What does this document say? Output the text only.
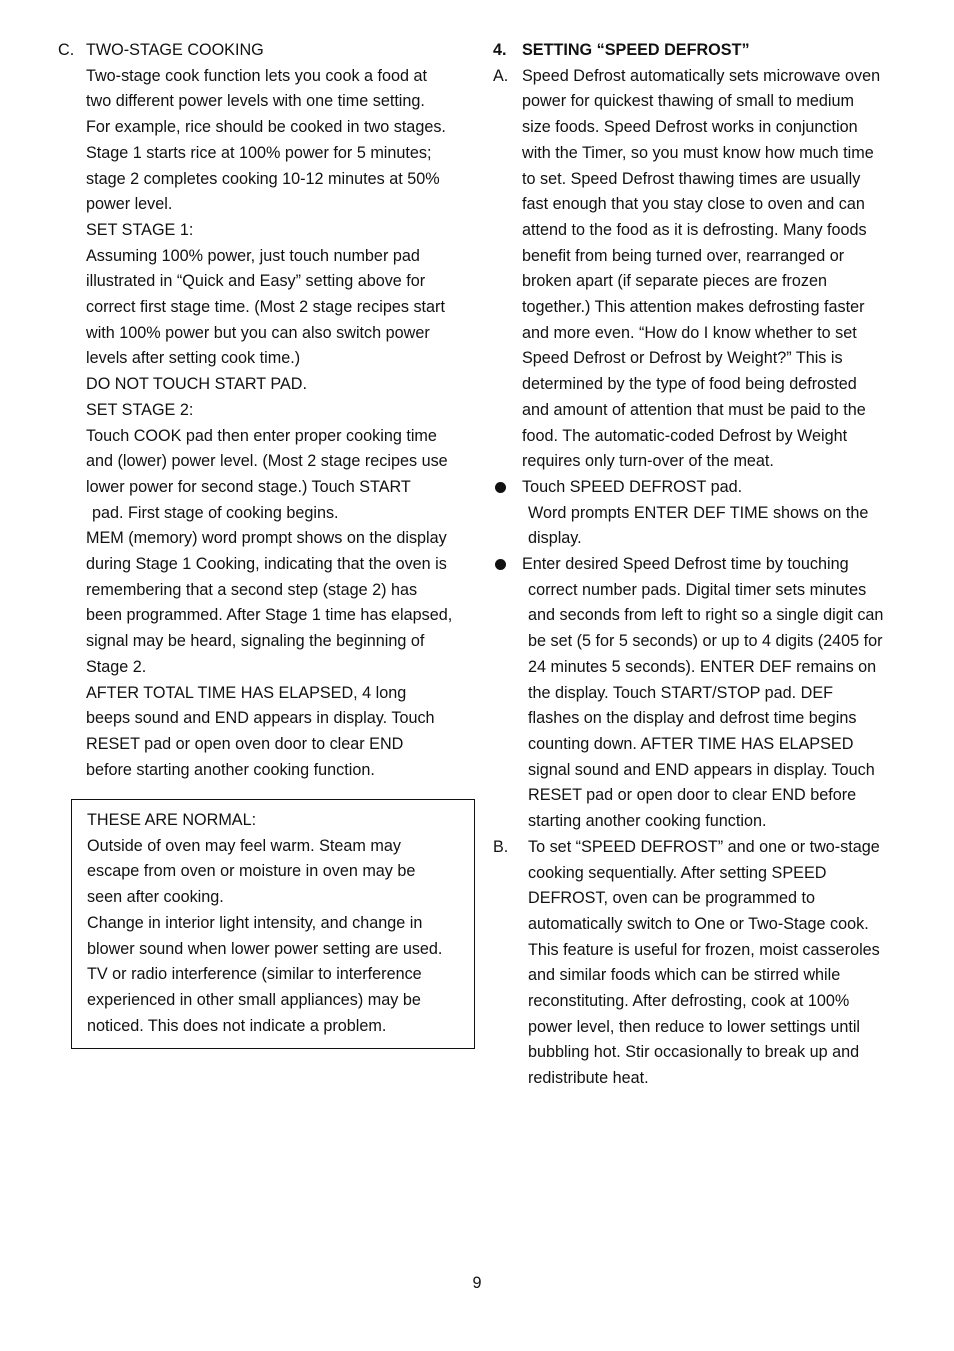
C. TWO-STAGE COOKING

Two-stage cook function lets you cook a food at

two different power levels with one time setting.

For example, rice should be cooked in two stages.

Stage 1 starts rice at 100% power for 5 minutes;

stage 2 completes cooking 10-12 minutes at 50%

power level.

SET STAGE 1:

Assuming 100% power, just touch number pad

illustrated in “Quick and Easy” setting above for

correct first stage time. (Most 2 stage recipes start

with 100% power but you can also switch power

levels after setting cook time.)

DO NOT TOUCH START PAD.

SET STAGE 2:

Touch COOK pad then enter proper cooking time

and (lower) power level. (Most 2 stage recipes use

lower power for second stage.) Touch START

pad. First stage of cooking begins.

MEM (memory) word prompt shows on the display

during Stage 1 Cooking, indicating that the oven is

remembering that a second step (stage 2) has

been programmed. After Stage 1 time has elapsed,

signal may be heard, signaling the beginning of

Stage 2.

AFTER TOTAL TIME HAS ELAPSED, 4 long

beeps sound and END appears in display. Touch

RESET pad or open oven door to clear END

before starting another cooking function.

THESE ARE NORMAL:

Outside of oven may feel warm. Steam may

escape from oven or moisture in oven may be

seen after cooking.

Change in interior light intensity, and change in

blower sound when lower power setting are used.

TV or radio interference (similar to interference

experienced in other small appliances) may be

noticed. This does not indicate a problem.

4. SETTING “SPEED DEFROST”
A. Speed Defrost automatically sets microwave oven

power for quickest thawing of small to medium

size foods. Speed Defrost works in conjunction

with the Timer, so you must know how much time

to set. Speed Defrost thawing times are usually

fast enough that you stay close to oven and can

attend to the food as it is defrosting. Many foods

benefit from being turned over, rearranged or

broken apart (if separate pieces are frozen

together.) This attention makes defrosting faster

and more even. “How do I know whether to set

Speed Defrost or Defrost by Weight?” This is

determined by the type of food being defrosted

and amount of attention that must be paid to the

food. The automatic-coded Defrost by Weight

requires only turn-over of the meat.

Touch SPEED DEFROST pad.

Word prompts ENTER DEF TIME shows on the

display.

Enter desired Speed Defrost time by touching

correct number pads. Digital timer sets minutes

and seconds from left to right so a single digit can

be set (5 for 5 seconds) or up to 4 digits (2405 for

24 minutes 5 seconds). ENTER DEF remains on

the display. Touch START/STOP pad. DEF

flashes on the display and defrost time begins

counting down. AFTER TIME HAS ELAPSED

signal sound and END appears in display. Touch

RESET pad or open door to clear END before

starting another cooking function.

B.	To set “SPEED DEFROST” and one or two-stage

cooking sequentially. After setting SPEED

DEFROST, oven can be programmed to

automatically switch to One or Two-Stage cook.

This feature is useful for frozen, moist casseroles

and similar foods which can be stirred while

reconstituting. After defrosting, cook at 100%

power level, then reduce to lower settings until

bubbling hot. Stir occasionally to break up and

redistribute heat.

9
